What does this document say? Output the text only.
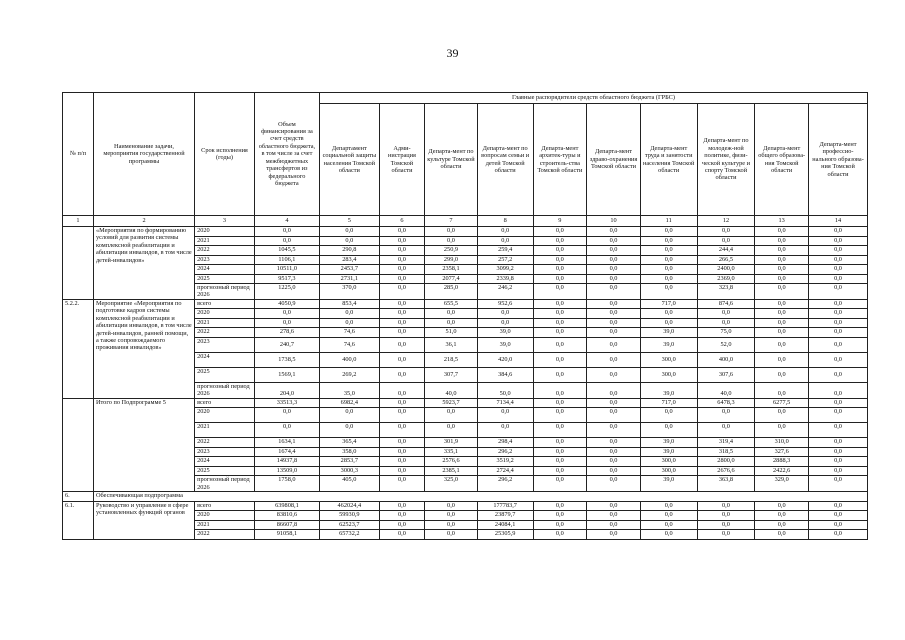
39
№ п/п	Наименование задачи, мероприятия государственной программы	Срок исполнения (годы)	Объем финансирования за счет средств областного бюджета, в том числе за счет межбюджетных трансфертов из федерального бюджета	Главные распорядители средств областного бюджета (ГРБС)									
				Департамент социальной защиты населения Томской области	Адми-нистрация Томской области	Департа-мент по культуре Томской области	Департа-мент по вопросам семьи и детей Томской области	Департа-мент архитек-туры и строитель-ства Томской области	Департа-мент здраво-охранения Томской области	Департа-мент труда и занятости населения Томской области	Департа-мент по молодеж-ной политике, физи-ческой культуре и спорту Томской области	Департа-мент общего образова-ния Томской области	Департа-мент профессио-нального образова-ния Томской области
1	2	3	4	5	6	7	8	9	10	11	12	13	14
	«Мероприятия по формированию условий для развития системы комплексной реабилитации и абилитации инвалидов, в том числе детей-инвалидов»	2020	0,0	0,0	0,0	0,0	0,0	0,0	0,0	0,0	0,0	0,0	0,0
		2021	0,0	0,0	0,0	0,0	0,0	0,0	0,0	0,0	0,0	0,0	0,0
		2022	1045,5	290,8	0,0	250,9	259,4	0,0	0,0	0,0	244,4	0,0	0,0
		2023	1106,1	283,4	0,0	299,0	257,2	0,0	0,0	0,0	266,5	0,0	0,0
		2024	10511,0	2453,7	0,0	2358,1	3099,2	0,0	0,0	0,0	2400,0	0,0	0,0
		2025	9517,3	2731,1	0,0	2077,4	2339,8	0,0	0,0	0,0	2369,0	0,0	0,0
		прогнозный период 2026	1225,0	370,0	0,0	285,0	246,2	0,0	0,0	0,0	323,8	0,0	0,0
5.2.2.	Мероприятие «Мероприятия по подготовке кадров системы комплексной реабилитации и абилитации инвалидов, в том числе детей-инвалидов, ранней помощи, а также сопровождаемого проживания инвалидов»	всего	4050,9	853,4	0,0	655,5	952,6	0,0	0,0	717,0	874,6	0,0	0,0
		2020	0,0	0,0	0,0	0,0	0,0	0,0	0,0	0,0	0,0	0,0	0,0
		2021	0,0	0,0	0,0	0,0	0,0	0,0	0,0	0,0	0,0	0,0	0,0
		2022	278,6	74,6	0,0	51,0	39,0	0,0	0,0	39,0	75,0	0,0	0,0
		2023	240,7	74,6	0,0	36,1	39,0	0,0	0,0	39,0	52,0	0,0	0,0
		2024	1738,5	400,0	0,0	218,5	420,0	0,0	0,0	300,0	400,0	0,0	0,0
		2025	1569,1	269,2	0,0	307,7	384,6	0,0	0,0	300,0	307,6	0,0	0,0
		прогнозный период 2026	204,0	35,0	0,0	40,0	50,0	0,0	0,0	39,0	40,0	0,0	0,0
	Итого по Подпрограмме 5	всего	33513,3	6982,4	0,0	5923,7	7134,4	0,0	0,0	717,0	6478,3	6277,5	0,0
		2020	0,0	0,0	0,0	0,0	0,0	0,0	0,0	0,0	0,0	0,0	0,0
		2021	0,0	0,0	0,0	0,0	0,0	0,0	0,0	0,0	0,0	0,0	0,0
		2022	1634,1	365,4	0,0	301,9	298,4	0,0	0,0	39,0	319,4	310,0	0,0
		2023	1674,4	358,0	0,0	335,1	296,2	0,0	0,0	39,0	318,5	327,6	0,0
		2024	14937,8	2853,7	0,0	2576,6	3519,2	0,0	0,0	300,0	2800,0	2888,3	0,0
		2025	13509,0	3000,3	0,0	2385,1	2724,4	0,0	0,0	300,0	2676,6	2422,6	0,0
		прогнозный период 2026	1758,0	405,0	0,0	325,0	296,2	0,0	0,0	39,0	363,8	329,0	0,0
6.	Обеспечивающая подпрограмма												
6.1.	Руководство и управление в сфере установленных функций органов	всего	639808,1	462024,4	0,0	0,0	177783,7	0,0	0,0	0,0	0,0	0,0	0,0
		2020	83810,6	59930,9	0,0	0,0	23879,7	0,0	0,0	0,0	0,0	0,0	0,0
		2021	86607,8	62523,7	0,0	0,0	24084,1	0,0	0,0	0,0	0,0	0,0	0,0
		2022	91058,1	65732,2	0,0	0,0	25305,9	0,0	0,0	0,0	0,0	0,0	0,0
